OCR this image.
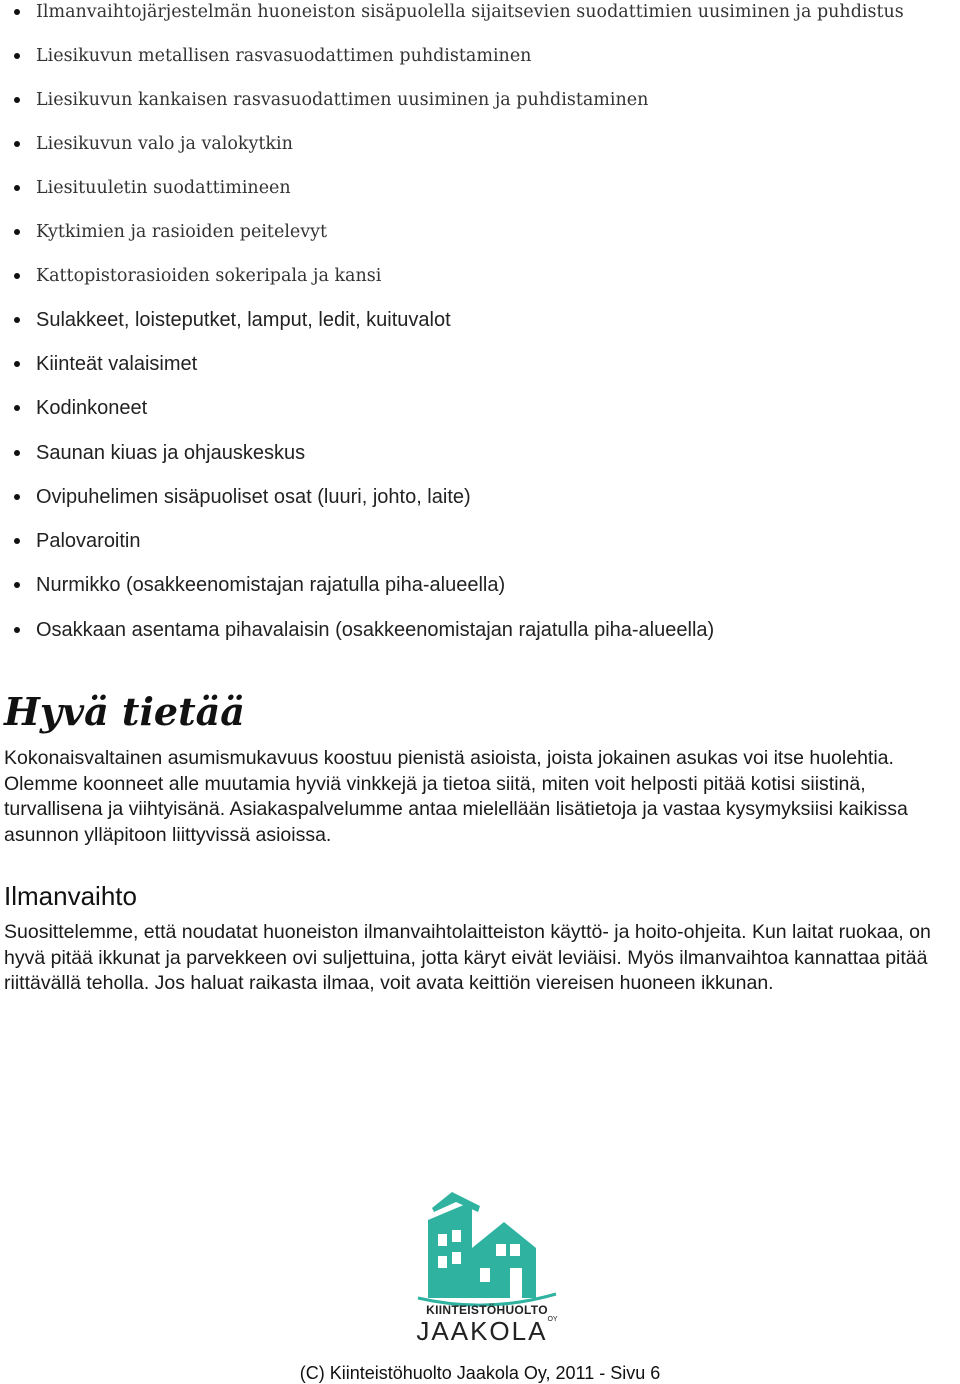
Ilmanvaihtojärjestelmän huoneiston sisäpuolella sijaitsevien suodattimien uusiminen ja puhdistus
Liesikuvun metallisen rasvasuodattimen puhdistaminen
Liesikuvun kankaisen rasvasuodattimen uusiminen ja puhdistaminen
Liesikuvun valo ja valokytkin
Liesituuletin suodattimineen
Kytkimien ja rasioiden peitelevyt
Kattopistorasioiden sokeripala ja kansi
Sulakkeet, loisteputket, lamput, ledit, kuituvalot
Kiinteät valaisimet
Kodinkoneet
Saunan kiuas ja ohjauskeskus
Ovipuhelimen sisäpuoliset osat (luuri, johto, laite)
Palovaroitin
Nurmikko (osakkeenomistajan rajatulla piha-alueella)
Osakkaan asentama pihavalaisin (osakkeenomistajan rajatulla piha-alueella)
Hyvä tietää

Kokonaisvaltainen asumismukavuus koostuu pienistä asioista, joista jokainen asukas voi itse huolehtia. Olemme koonneet alle muutamia hyviä vinkkejä ja tietoa siitä, miten voit helposti pitää kotisi siistinä, turvallisena ja viihtyisänä. Asiakaspalvelumme antaa mielellään lisätietoja ja vastaa kysymyksiisi kaikissa asunnon ylläpitoon liittyvissä asioissa.

Ilmanvaihto

Suosittelemme, että noudatat huoneiston ilmanvaihtolaitteiston käyttö- ja hoito-ohjeita. Kun laitat ruokaa, on hyvä pitää ikkunat ja parvekkeen ovi suljettuina, jotta käryt eivät leviäisi. Myös ilmanvaihtoa kannattaa pitää riittävällä teholla. Jos haluat raikasta ilmaa, voit avata keittiön viereisen huoneen ikkunan.

KIINTEISTÖHUOLTO
$JAAKOLA^{OY}$
(C) Kiinteistöhuolto Jaakola Oy, 2011 - Sivu 6
